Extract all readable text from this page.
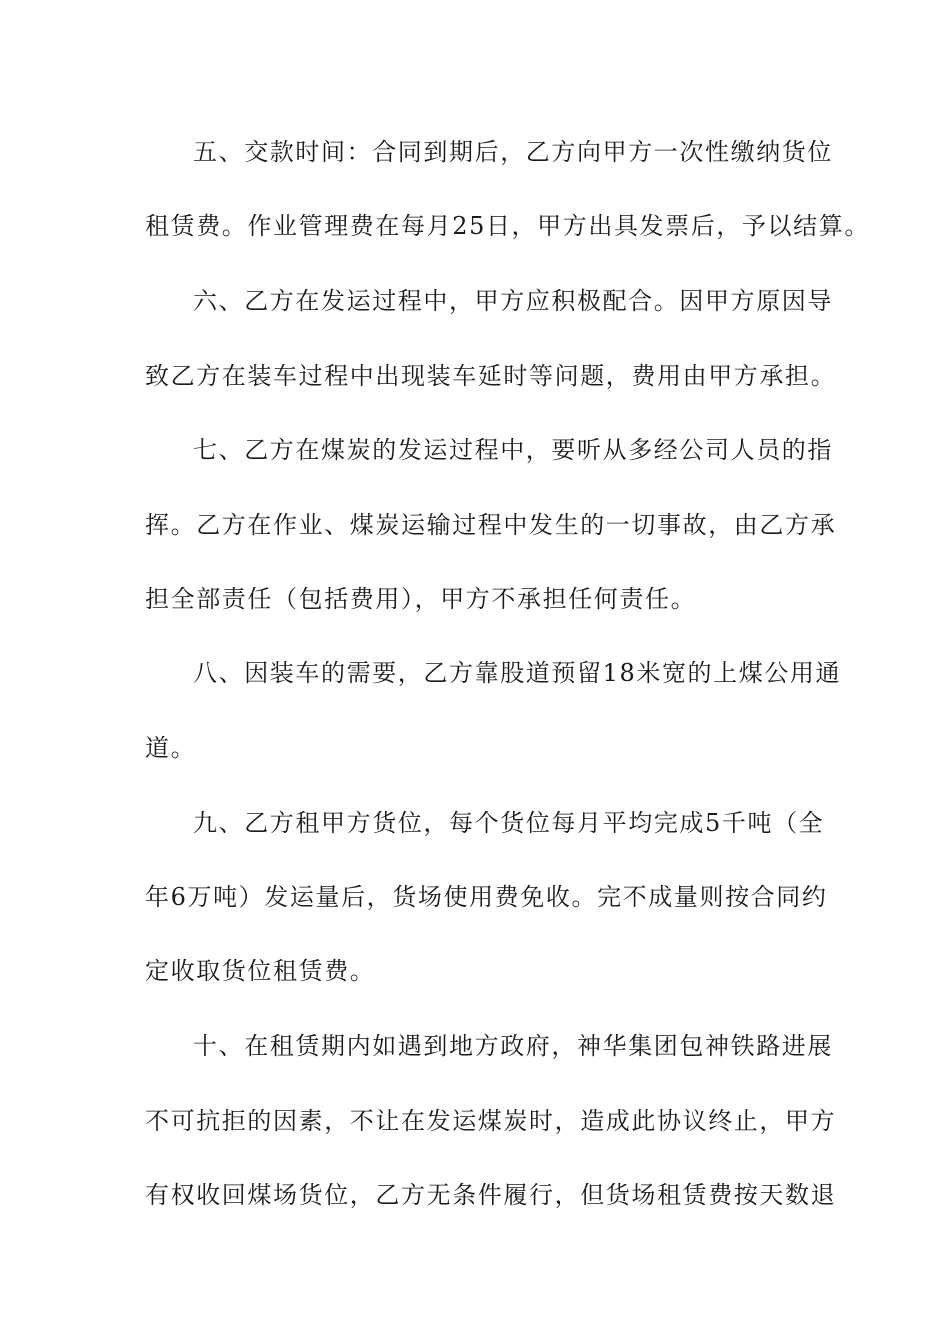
五、交款时间：合同到期后，乙方向甲方一次性缴纳货位
租赁费。作业管理费在每月25日，甲方出具发票后，予以结算。
六、乙方在发运过程中，甲方应积极配合。因甲方原因导
致乙方在装车过程中出现装车延时等问题，费用由甲方承担。
七、乙方在煤炭的发运过程中，要听从多经公司人员的指
挥。乙方在作业、煤炭运输过程中发生的一切事故，由乙方承
担全部责任（包括费用），甲方不承担任何责任。
八、因装车的需要，乙方靠股道预留18米宽的上煤公用通
道。
九、乙方租甲方货位，每个货位每月平均完成5千吨（全
年6万吨）发运量后，货场使用费免收。完不成量则按合同约
定收取货位租赁费。
十、在租赁期内如遇到地方政府，神华集团包神铁路进展
不可抗拒的因素，不让在发运煤炭时，造成此协议终止，甲方
有权收回煤场货位，乙方无条件履行，但货场租赁费按天数退
